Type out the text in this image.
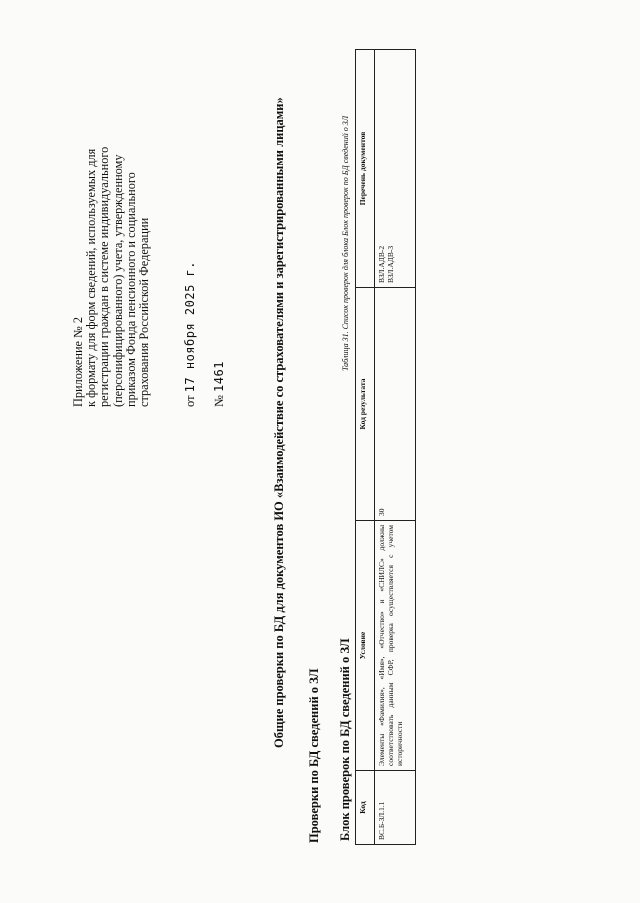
Приложение № 2 к формату для форм сведений, используемых для регистрации граждан в системе индивидуального (персонифицированного) учета, утвержденному приказом Фонда пенсионного и социального страхования Российской Федерации	от 17 ноября 2025 г.
№ 1461	Общие проверки по БД для документов ИО «Взаимодействие со страхователями и зарегистрированными лицами»
Проверки по БД сведений о ЗЛ Блок проверок по БД сведений о ЗЛ
Таблица 31. Список проверок для блока Блок проверок по БД сведений о ЗЛ
Код	Условие	Код результата	Перечень документов
ВС.Б-ЗЛ.1.1	Элементы «Фамилия», «Имя», «Отчество» и «СНИЛС» должны соответствовать данным СФР, проверка осуществляется с учетом историчности	30	ВЗЛ.АДВ-2 ВЗЛ.АДВ-3
